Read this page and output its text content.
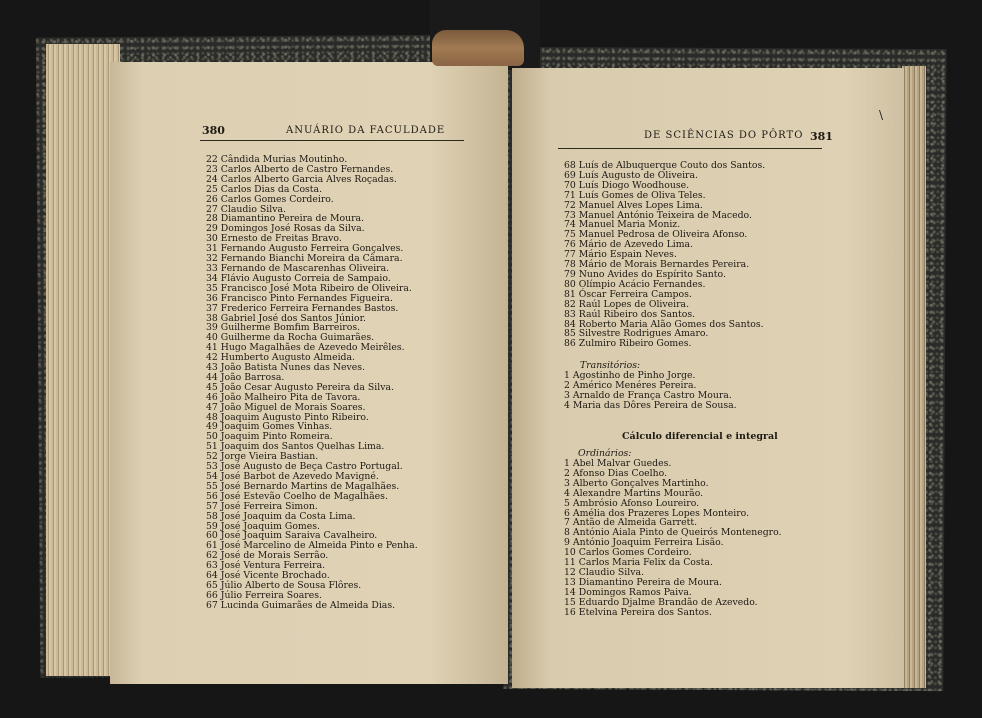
380	ANUÁRIO DA FACULDADE
22 Cândida Murias Moutinho.
23 Carlos Alberto de Castro Fernandes.
24 Carlos Alberto Garcia Alves Roçadas.
25 Carlos Dias da Costa.
26 Carlos Gomes Cordeiro.
27 Claudio Silva.
28 Diamantino Pereira de Moura.
29 Domingos José Rosas da Silva.
30 Ernesto de Freitas Bravo.
31 Fernando Augusto Ferreira Gonçalves.
32 Fernando Bianchi Moreira da Câmara.
33 Fernando de Mascarenhas Oliveira.
34 Flávio Augusto Correia de Sampaio.
35 Francisco José Mota Ribeiro de Oliveira.
36 Francisco Pinto Fernandes Figueira.
37 Frederico Ferreira Fernandes Bastos.
38 Gabriel José dos Santos Júnior.
39 Guilherme Bomfim Barreiros.
40 Guilherme da Rocha Guimarães.
41 Hugo Magalhães de Azevedo Meirêles.
42 Humberto Augusto Almeida.
43 João Batista Nunes das Neves.
44 João Barrosa.
45 João Cesar Augusto Pereira da Silva.
46 João Malheiro Pita de Tavora.
47 João Miguel de Morais Soares.
48 Joaquim Augusto Pinto Ribeiro.
49 Joaquim Gomes Vinhas.
50 Joaquim Pinto Romeira.
51 Joaquim dos Santos Quelhas Lima.
52 Jorge Vieira Bastian.
53 José Augusto de Beça Castro Portugal.
54 José Barbot de Azevedo Mavigné.
55 José Bernardo Martins de Magalhães.
56 José Estevão Coelho de Magalhães.
57 José Ferreira Simon.
58 José Joaquim da Costa Lima.
59 José Joaquim Gomes.
60 José Joaquim Saraiva Cavalheiro.
61 José Marcelino de Almeida Pinto e Penha.
62 José de Morais Serrão.
63 José Ventura Ferreira.
64 José Vicente Brochado.
65 Júlio Alberto de Sousa Flôres.
66 Júlio Ferreira Soares.
67 Lucinda Guimarães de Almeida Dias.
DE SCIÊNCIAS DO PÔRTO 381
68 Luís de Albuquerque Couto dos Santos.
69 Luís Augusto de Oliveira.
70 Luís Diogo Woodhouse.
71 Luís Gomes de Oliva Teles.
72 Manuel Alves Lopes Lima.
73 Manuel António Teixeira de Macedo.
74 Manuel Maria Moniz.
75 Manuel Pedrosa de Oliveira Afonso.
76 Mário de Azevedo Lima.
77 Mário Espain Neves.
78 Mário de Morais Bernardes Pereira.
79 Nuno Avides do Espírito Santo.
80 Olímpio Acácio Fernandes.
81 Óscar Ferreira Campos.
82 Raúl Lopes de Oliveira.
83 Raúl Ribeiro dos Santos.
84 Roberto Maria Alão Gomes dos Santos.
85 Silvestre Rodrigues Amaro.
86 Zulmiro Ribeiro Gomes.
Transitórios:
1 Agostinho de Pinho Jorge.
2 Américo Menéres Pereira.
3 Arnaldo de França Castro Moura.
4 Maria das Dôres Pereira de Sousa.
Cálculo diferencial e integral
Ordinários:
1 Abel Malvar Guedes.
2 Afonso Dias Coelho.
3 Alberto Gonçalves Martinho.
4 Alexandre Martins Mourão.
5 Ambrósio Afonso Loureiro.
6 Amélia dos Prazeres Lopes Monteiro.
7 Antão de Almeida Garrett.
8 António Aiala Pinto de Queirós Montenegro.
9 António Joaquim Ferreira Lisão.
10 Carlos Gomes Cordeiro.
11 Carlos Maria Felix da Costa.
12 Claudio Silva.
13 Diamantino Pereira de Moura.
14 Domingos Ramos Paiva.
15 Eduardo Djalme Brandão de Azevedo.
16 Etelvina Pereira dos Santos.
\
